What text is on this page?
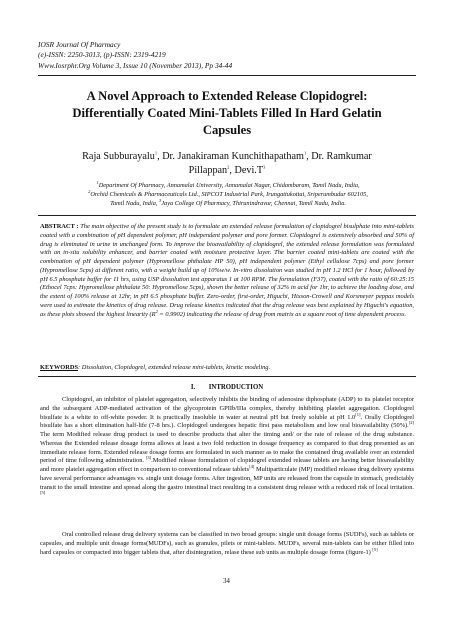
IOSR Journal Of Pharmacy
(e)-ISSN: 2250-3013, (p)-ISSN: 2319-4219
Www.Iosrphr.Org Volume 3, Issue 10 (November 2013), Pp 34-44
A Novel Approach to Extended Release Clopidogrel:
Differentially Coated Mini-Tablets Filled In Hard Gelatin
Capsules
Raja Subburayalu$^1$, Dr. Janakiraman Kunchithapatham$^1$, Dr. Ramkumar
Pillappan$^2$, $Devi.T^3$
$^1$Department Of Pharmacy, Annamalai University, Annamalai Nagar, Chidambaram, Tamil Nadu, India,
$^2$Orchid Chemicals & Pharmaceuticals Ltd., SIPCOT Industrial Park, Irungattukottai, Sriperumbudur 602105,
Tamil Nadu, India, $^3$Jaya College Of Pharmacy, Thirunindravur, Chennai, Tamil Nadu, India.
ABSTRACT : The main objective of the present study is to formulate an extended release formulation of clopidogrel bisulphate into mini-tablets coated with a combination of pH dependent polymer, pH independent polymer and pore former. Clopidogrel is extensively absorbed and 50% of drug is eliminated in urine in unchanged form. To improve the bioavailability of clopidogrel, the extended release formulation was formulated with an in-situ solubility enhancer, and barrier coated with moisture protective layer. The barrier coated mini-tablets are coated with the combination of pH dependent polymer (Hypromellose phthalate HP 50), pH independent polymer (Ethyl cellulose 7cps) and pore former (Hypromellose 5cps) at different ratio, with a weight build up of 10%w/w. In-vitro dissolution was studied in pH 1.2 HCl for 1 hour, followed by pH 6.5 phosphate buffer for 11 hrs, using USP dissolution test apparatus 1 at 100 RPM. The formulation (F37), coated with the ratio of 60:25:15 (Ethocel 7cps: Hypromellose phthalate 50: Hypromellose 5cps), shown the better release of 32% in acid for 1hr, to achieve the loading dose, and the extent of 100% release at 12hr, in pH 6.5 phosphate buffer. Zero-order, first-order, Higuchi, Hixson-Crowell and Korsmeyer peppas models were used to estimate the kinetics of drug release. Drug release kinetics indicated that the drug release was best explained by Higuchi's equation, as these plots showed the highest linearity $(R^2 = 0.9902)$ indicating the release of drug from matrix as a square root of time dependent process.
KEYWORDS: Dissolution, Clopidogrel, extended release mini-tablets, kinetic modeling.
I.        INTRODUCTION
Clopidogrel, an inhibitor of platelet aggregation, selectively inhibits the binding of adenosine diphosphate (ADP) to its platelet receptor and the subsequent ADP-mediated activation of the glycoprotein GPIIb/IIIa complex, thereby inhibiting platelet aggregation. Clopidogrel bisulfate is a white to off-white powder. It is practically insoluble in water at neutral pH but freely soluble at pH 1.0[1]. Orally Clopidogrel bisulfate has a short elimination half-life (7-8 hrs.). Clopidogrel undergoes hepatic first pass metabolism and low oral bioavailability (50%).[2] The term Modified release drug product is used to describe products that alter the timing and/ or the rate of release of the drug substance. Whereas the Extended release dosage forms allows at least a two fold reduction in dosage frequency as compared to that drug presented as an immediate release form. Extended release dosage forms are formulated in such manner as to make the contained drug available over an extended period of time following administration. [3].Modified release formulation of clopidogrel extended release tablets are having better bioavailability and more platelet aggregation effect in comparison to conventional release tablets[4] Multiparticulate (MP) modified release drug delivery systems have several performance advantages vs. single unit dosage forms. After ingestion, MP units are released from the capsule in stomach, predictably transit to the small intestine and spread along the gastro intestinal tract resulting in a consistent drug release with a reduced risk of local irritation.[5]
Oral controlled release drug delivery systems can be classified in two broad groups: single unit dosage forms (SUDFs), such as tablets or capsules, and multiple unit dosage forms(MUDFs), such as granules, pilets or mini-tablets. MUDFs, several min-tablets can be either filled into hard capsules or compacted into bigger tablets that, after disintegration, relase these sub units as multiple dosage forms (figure-1) [5]
34
